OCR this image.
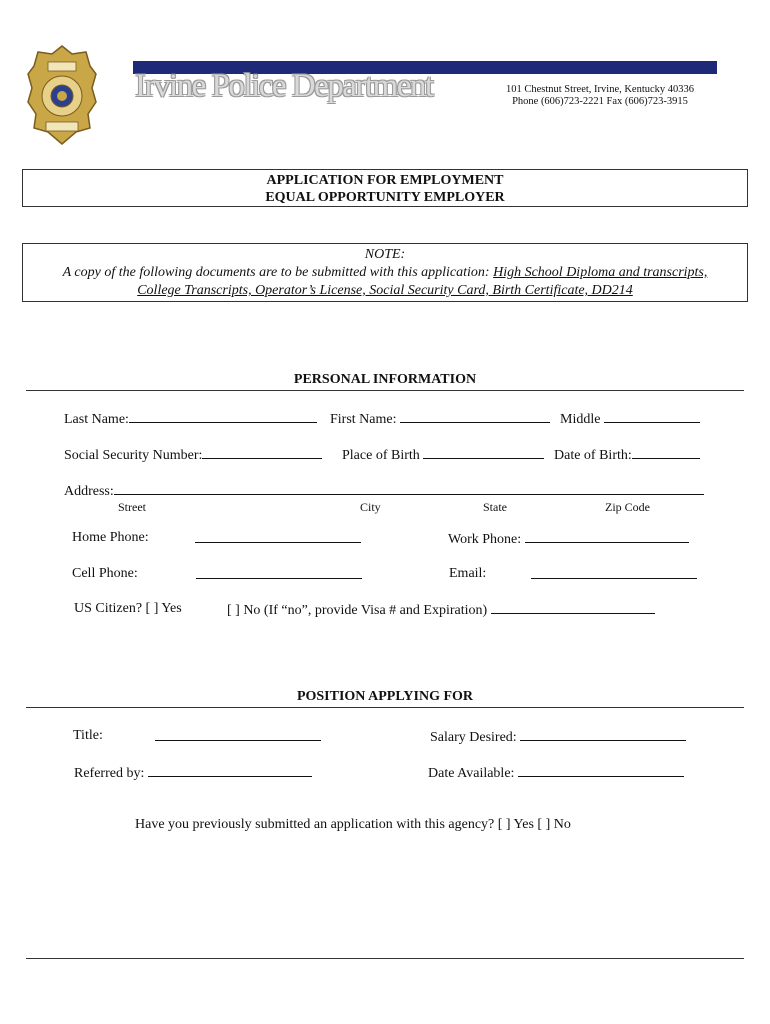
Irvine Police Department	101 Chestnut Street, Irvine, Kentucky 40336
Phone (606)723-2221 Fax (606)723-3915
APPLICATION FOR EMPLOYMENT
EQUAL OPPORTUNITY EMPLOYER
NOTE:
A copy of the following documents are to be submitted with this application: High School Diploma and transcripts,
College Transcripts, Operator’s License, Social Security Card, Birth Certificate, DD214
PERSONAL INFORMATION
Last Name:	First Name:	Middle
Social Security Number:	Place of Birth	Date of Birth:
Address:
Street	City	State	Zip Code
Home Phone:	Work Phone:
Cell Phone:	Email:
US Citizen? [ ] Yes	[ ] No (If “no”, provide Visa # and Expiration)
POSITION APPLYING FOR
Title:	Salary Desired:
Referred by:	Date Available:
Have you previously submitted an application with this agency? [ ] Yes [ ] No
